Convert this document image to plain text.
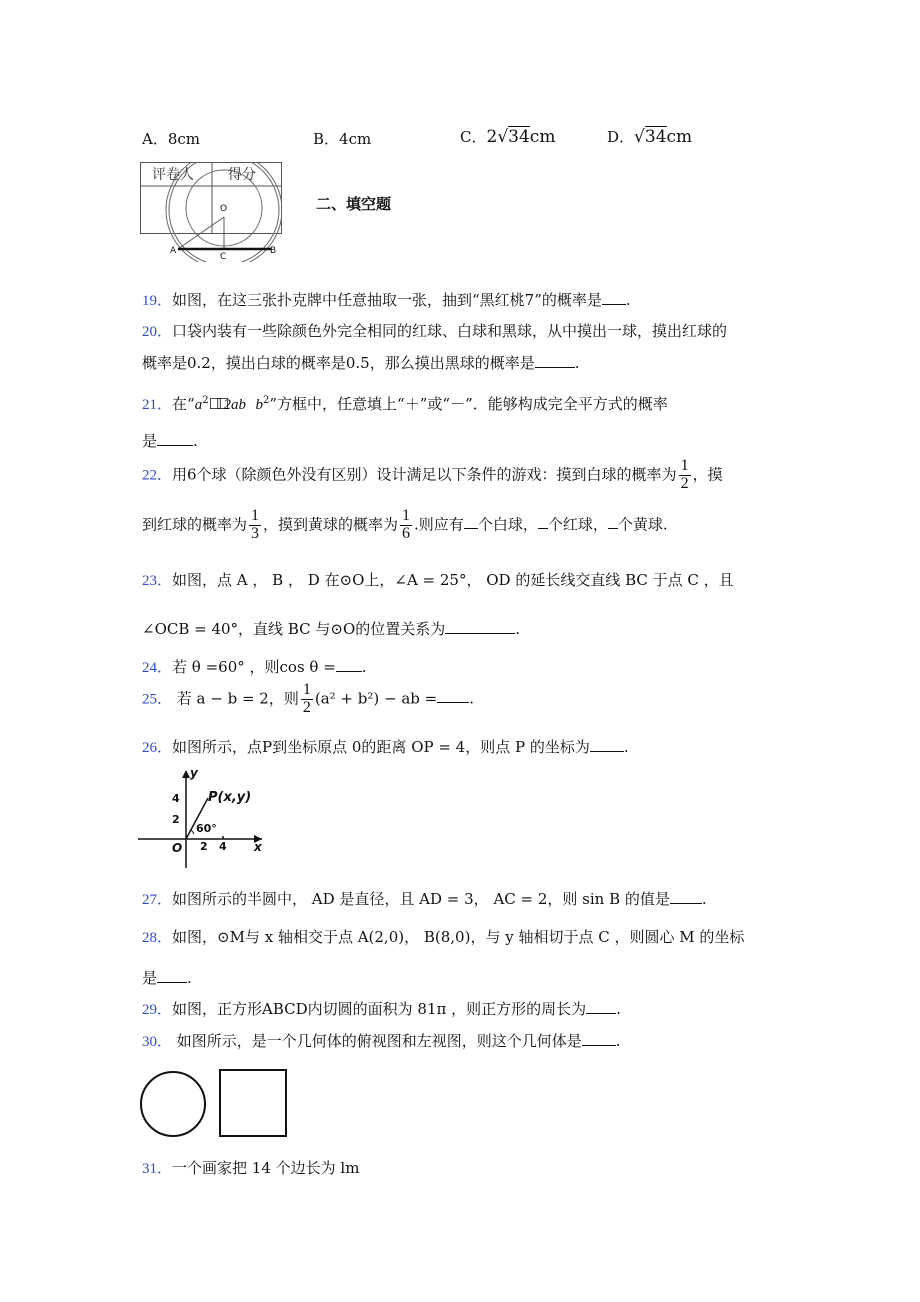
A．8cm	B．4cm	C．2√34cm	D．√34cm
评卷人 得分
O
A
C
B
二、填空题
19．如图，在这三张扑克牌中任意抽取一张，抽到“黑红桃7”的概率是 .
20．口袋内装有一些除颜色外完全相同的红球、白球和黑球，从中摸出一球，摸出红球的
概率是0.2，摸出白球的概率是0.5，那么摸出黑球的概率是	.
21．在“$a^2☐☐2ab$ $b^2$”方框中，任意填上“＋”或“－”．能够构成完全平方式的概率
是 .
22．用6个球（除颜色外没有区别）设计满足以下条件的游戏：摸到白球的概率为 $\frac{1}{2}$ ，摸
到红球的概率为 $\frac{1}{3}$ ，摸到黄球的概率为 $\frac{1}{6}$ .则应有 个白球， 个红球， 个黄球.
23．如图，点 A ， B ， D 在⊙O上，∠A = 25°， OD 的延长线交直线 BC 于点 C ，且
∠OCB = 40°，直线 BC 与⊙O的位置关系为	.
24．若 θ =60° ，则cos θ = .
25． 若 a − b = 2，则 $\frac{1}{2} (a^2 + b^2)$ − ab = .
26．如图所示，点P到坐标原点 0的距离 OP = 4，则点 P 的坐标为 .
y
x
P(x,y)
4
2
O 2 4
60°
27．如图所示的半圆中， AD 是直径，且 AD = 3， AC = 2，则 sin B 的值是 .
28．如图，⊙M与 x 轴相交于点 A(2,0)， B(8,0)，与 y 轴相切于点 C ，则圆心 M 的坐标
是 .
29．如图，正方形ABCD内切圆的面积为 81π ，则正方形的周长为 .
30． 如图所示，是一个几何体的俯视图和左视图，则这个几何体是 .
31．一个画家把 14 个边长为 lm
